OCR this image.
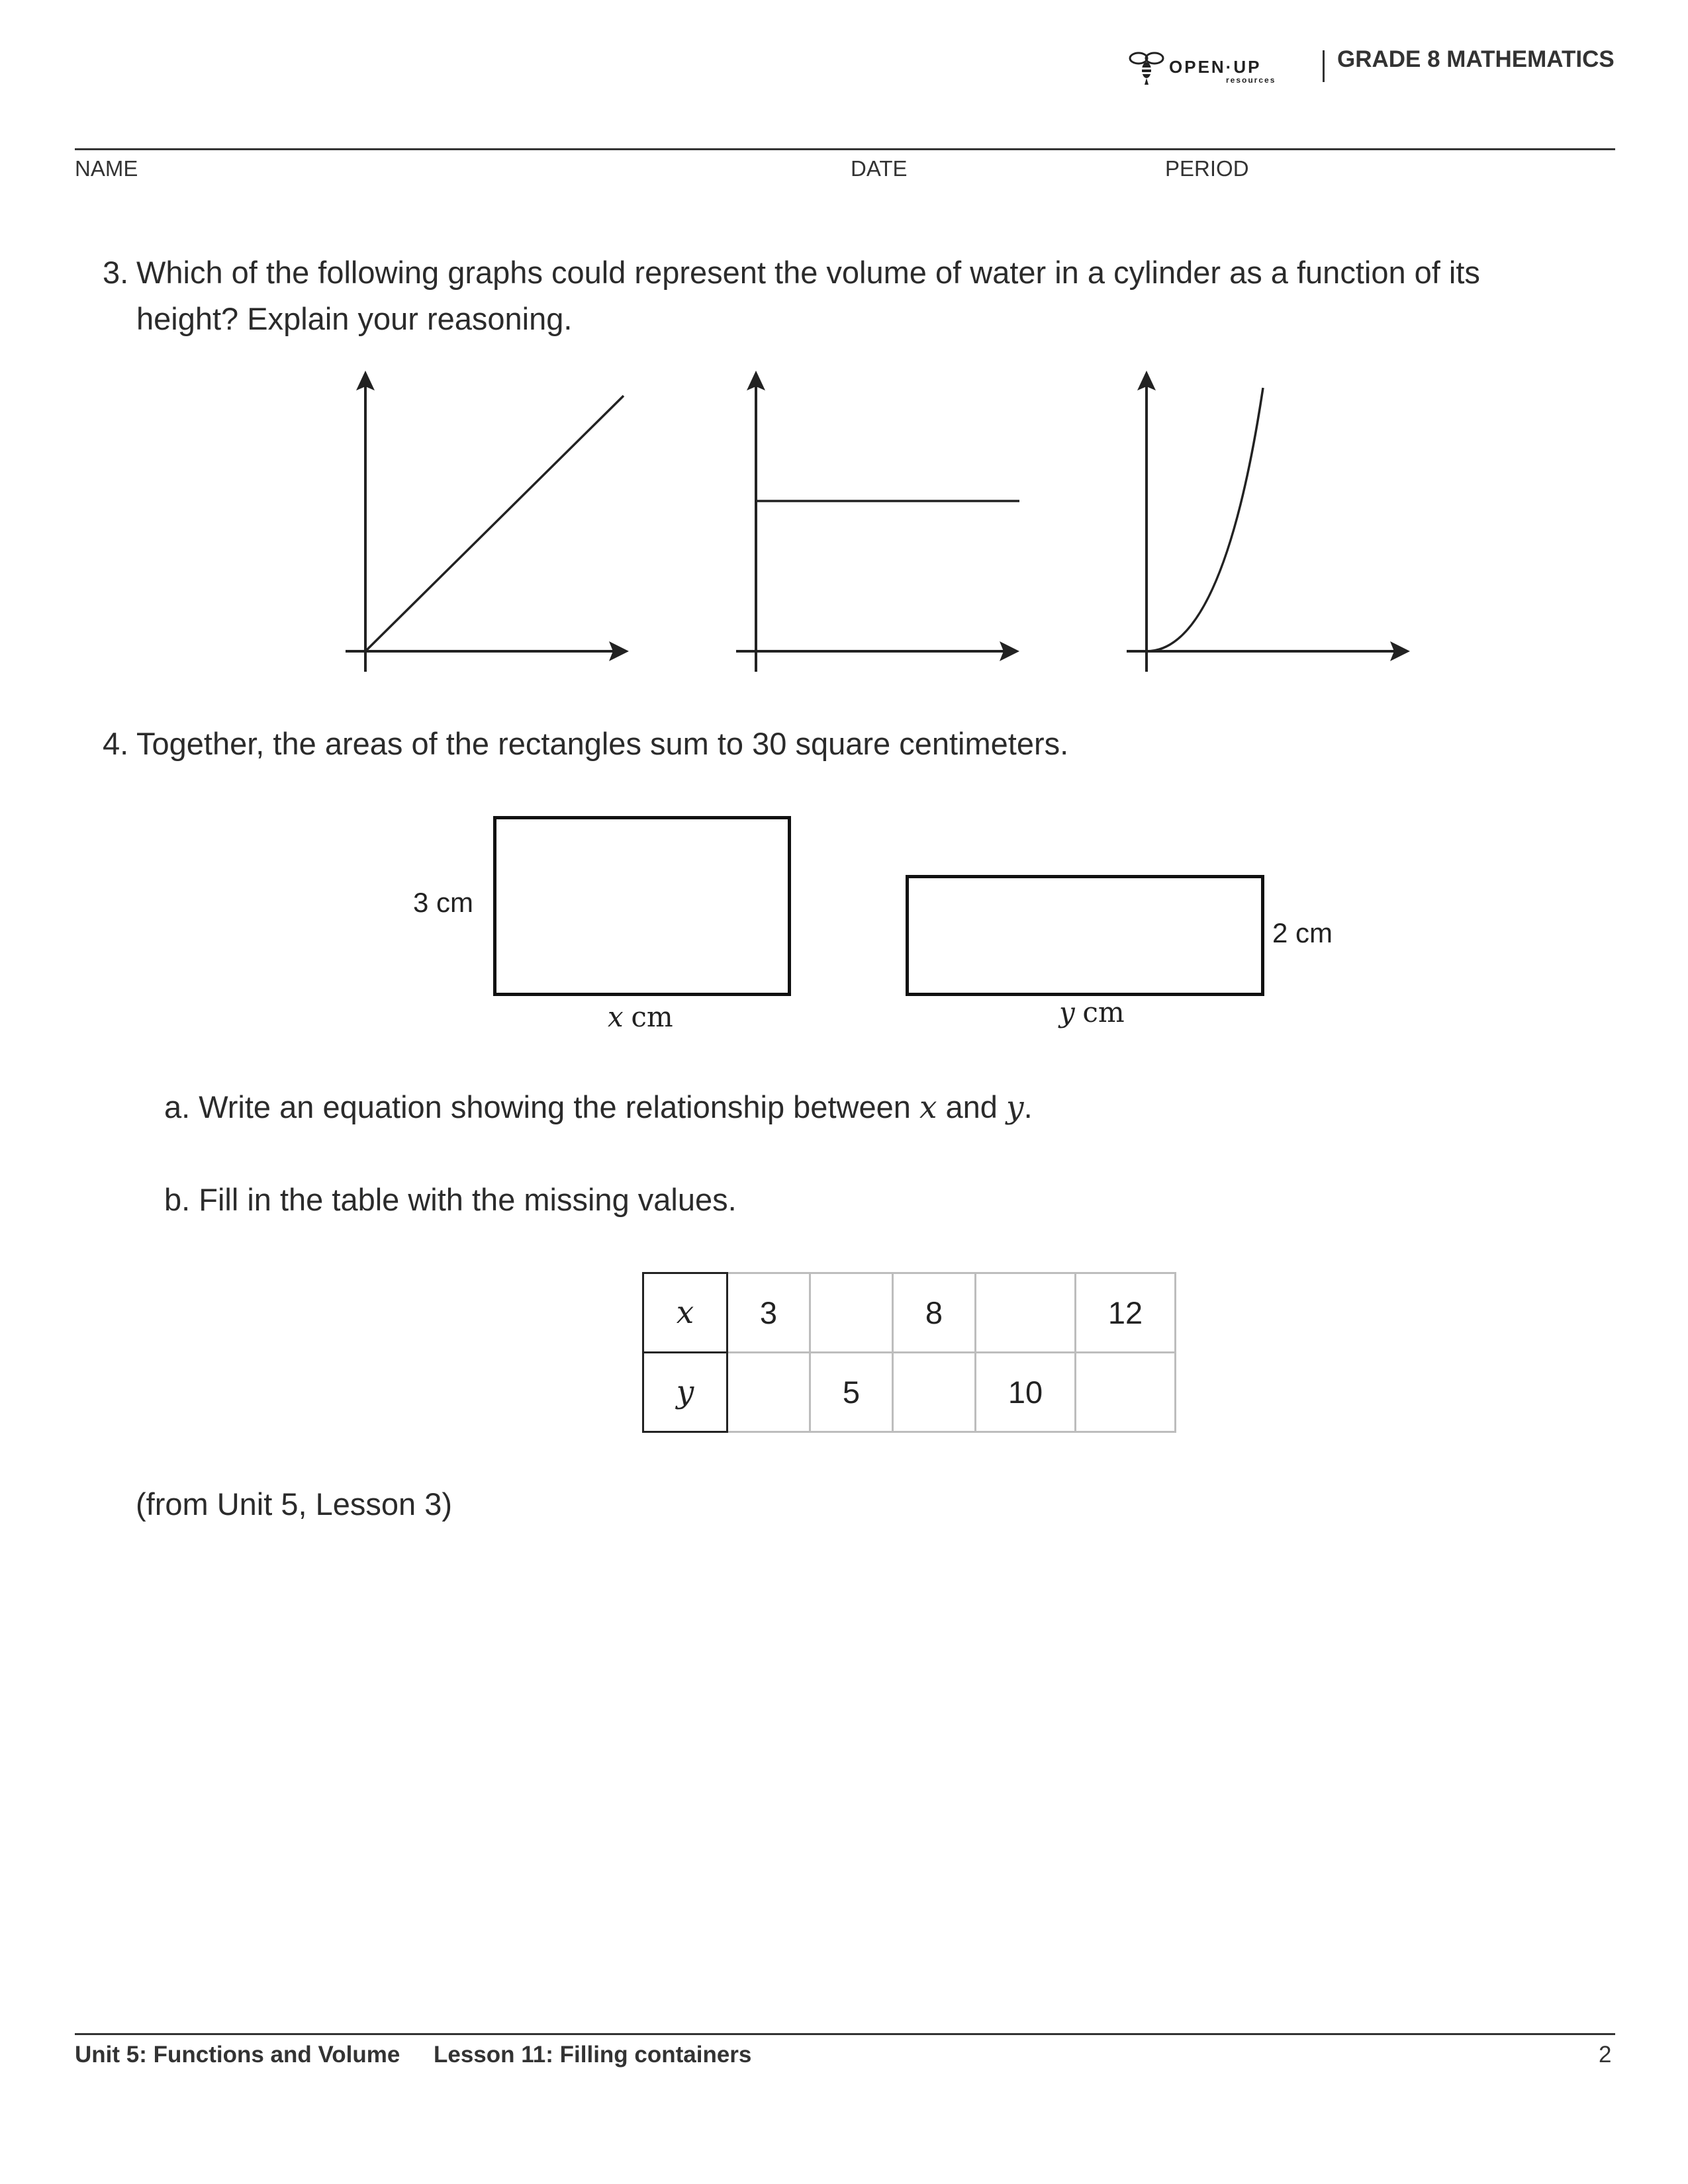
OPEN·UP
resources
GRADE 8 MATHEMATICS
NAME	DATE	PERIOD
3. Which of the following graphs could represent the volume of water in a cylinder as a function of its
height? Explain your reasoning.
4. Together, the areas of the rectangles sum to 30 square centimeters.
3 cm
x cm
2 cm
y cm
a. Write an equation showing the relationship between x and y.
b. Fill in the table with the missing values.
x	3		8		12
y		5		10	
(from Unit 5, Lesson 3)
Unit 5: Functions and Volume Lesson 11: Filling containers	2
